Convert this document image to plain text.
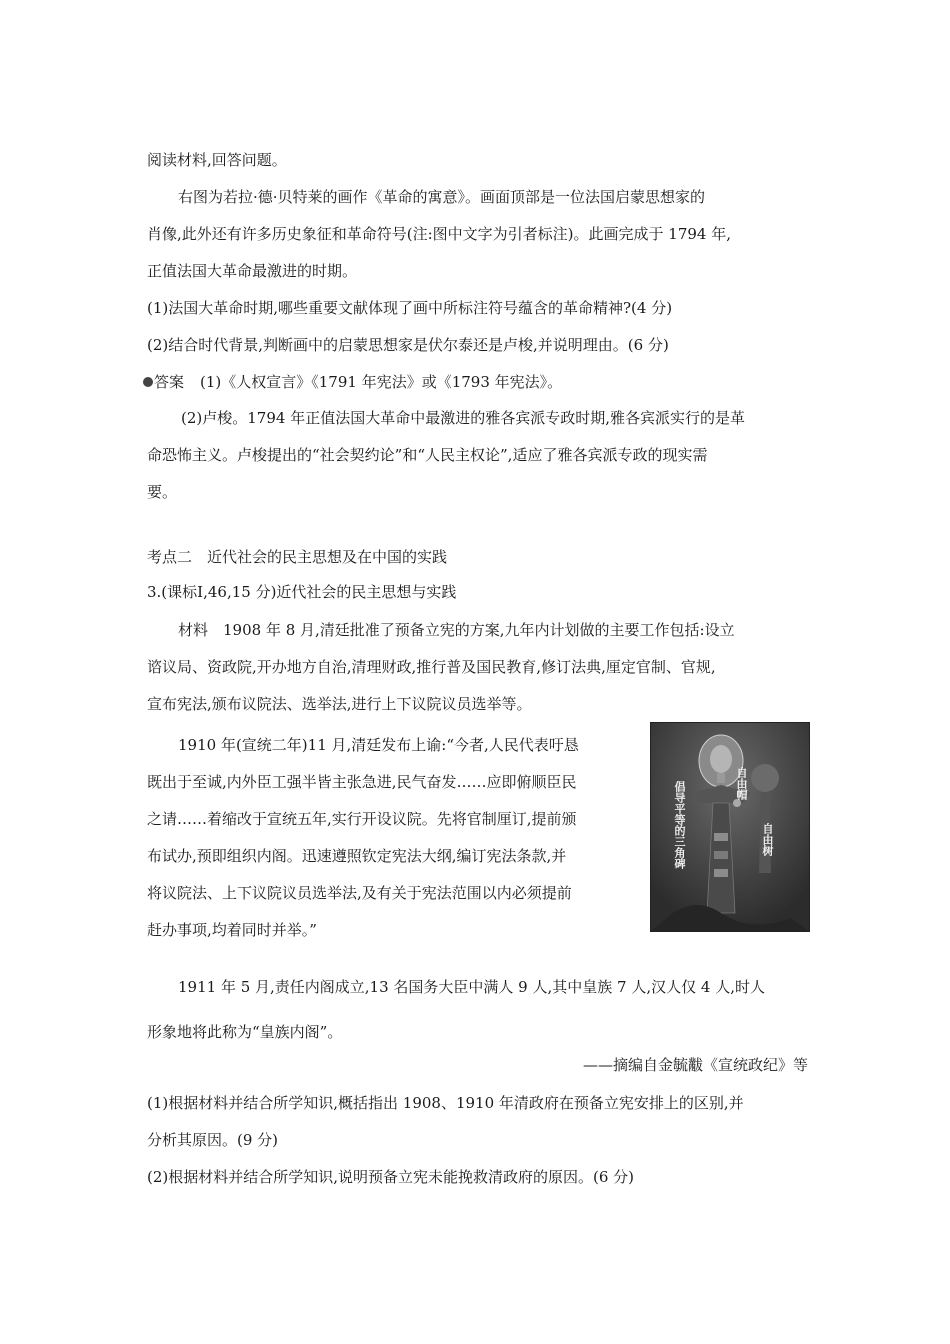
阅读材料,回答问题。
右图为若拉·德·贝特莱的画作《革命的寓意》。画面顶部是一位法国启蒙思想家的
肖像,此外还有许多历史象征和革命符号(注:图中文字为引者标注)。此画完成于 1794 年,
正值法国大革命最激进的时期。
(1)法国大革命时期,哪些重要文献体现了画中所标注符号蕴含的革命精神?(4 分)
(2)结合时代背景,判断画中的启蒙思想家是伏尔泰还是卢梭,并说明理由。(6 分)
答案 (1)《人权宣言》《1791 年宪法》或《1793 年宪法》。
(2)卢梭。1794 年正值法国大革命中最激进的雅各宾派专政时期,雅各宾派实行的是革
命恐怖主义。卢梭提出的“社会契约论”和“人民主权论”,适应了雅各宾派专政的现实需
要。
考点二　近代社会的民主思想及在中国的实践
3.(课标Ⅰ,46,15 分)近代社会的民主思想与实践
材料　1908 年 8 月,清廷批准了预备立宪的方案,九年内计划做的主要工作包括:设立
谘议局、资政院,开办地方自治,清理财政,推行普及国民教育,修订法典,厘定官制、官规,
宣布宪法,颁布议院法、选举法,进行上下议院议员选举等。
1910 年(宣统二年)11 月,清廷发布上谕:“今者,人民代表吁恳
既出于至诚,内外臣工强半皆主张急进,民气奋发……应即俯顺臣民
之请……着缩改于宣统五年,实行开设议院。先将官制厘订,提前颁
布试办,预即组织内阁。迅速遵照钦定宪法大纲,编订宪法条款,并
将议院法、上下议院议员选举法,及有关于宪法范围以内必须提前
赶办事项,均着同时并举。”
倡导平等的三角碑	自由帽
自由树
1911 年 5 月,责任内阁成立,13 名国务大臣中满人 9 人,其中皇族 7 人,汉人仅 4 人,时人
形象地将此称为“皇族内阁”。
——摘编自金毓黻《宣统政纪》等
(1)根据材料并结合所学知识,概括指出 1908、1910 年清政府在预备立宪安排上的区别,并
分析其原因。(9 分)
(2)根据材料并结合所学知识,说明预备立宪未能挽救清政府的原因。(6 分)
